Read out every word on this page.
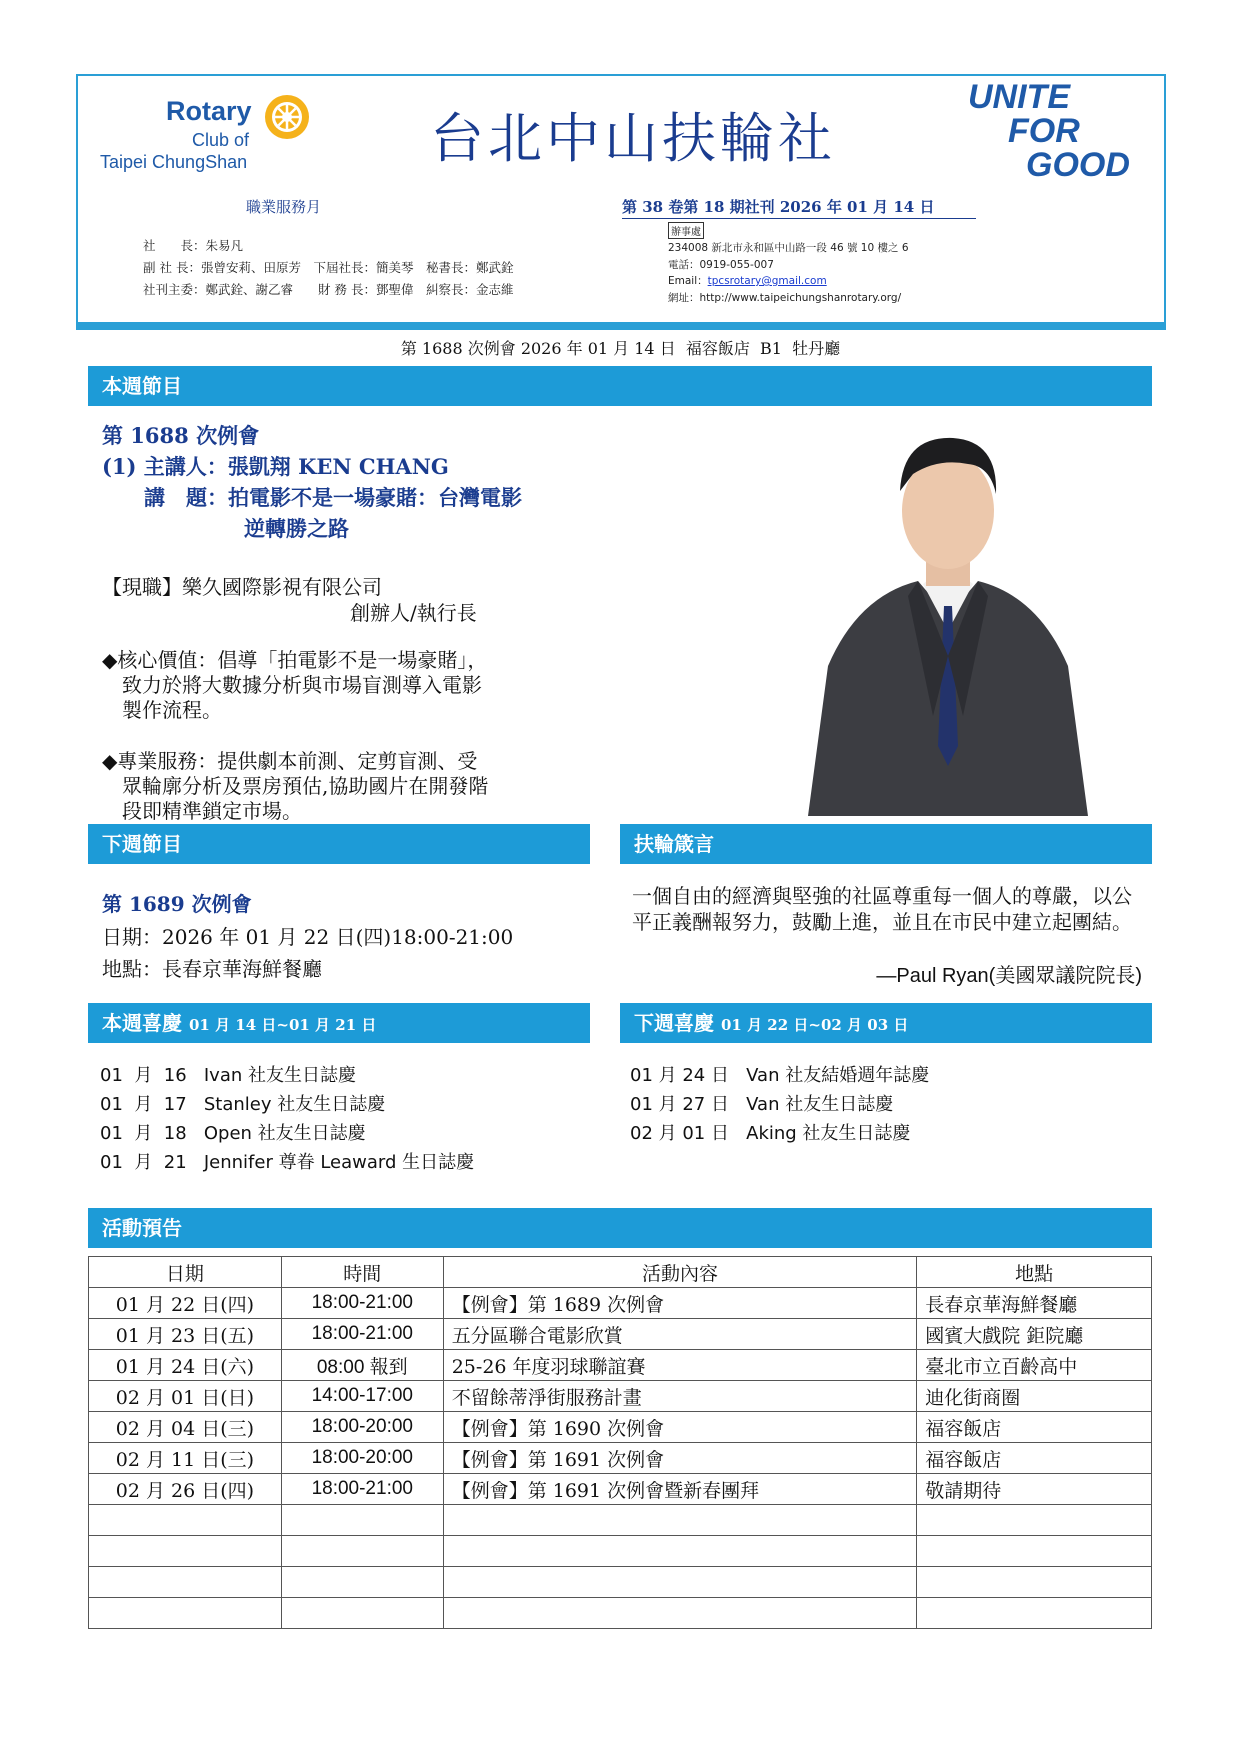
Rotary
Club of
Taipei ChungShan	台北中山扶輪社
UNITE
FOR
GOOD
職業服務月	第 38 卷第 18 期社刊 2026 年 01 月 14 日
社　　長：朱易凡
副 社 長：張曾安莉、田原芳　下屆社長：簡美琴　秘書長：鄭武銓
社刊主委：鄭武銓、謝乙睿　　財 務 長：鄧聖偉　糾察長：金志維
辦事處
234008 新北市永和區中山路一段 46 號 10 樓之 6
電話：0919-055-007
Email：tpcsrotary@gmail.com
網址：http://www.taipeichungshanrotary.org/
第 1688 次例會 2026 年 01 月 14 日  福容飯店  B1  牡丹廳
本週節目
第 1688 次例會
(1) 主講人：張凱翔 KEN CHANG
講　題：拍電影不是一場豪賭：台灣電影
逆轉勝之路
【現職】樂久國際影視有限公司
創辦人/執行長
◆核心價值：倡導「拍電影不是一場豪賭」，
致力於將大數據分析與市場盲測導入電影
製作流程。
◆專業服務：提供劇本前測、定剪盲測、受
眾輪廓分析及票房預估,協助國片在開發階
段即精準鎖定市場。
下週節目
第 1689 次例會
日期：2026 年 01 月 22 日(四)18:00-21:00
地點：長春京華海鮮餐廳
扶輪箴言
一個自由的經濟與堅強的社區尊重每一個人的尊嚴，以公平正義酬報努力，鼓勵上進，並且在市民中建立起團結。
—Paul Ryan(美國眾議院院長)
本週喜慶 01 月 14 日~01 月 21 日
01  月  16   Ivan 社友生日誌慶
01  月  17   Stanley 社友生日誌慶
01  月  18   Open 社友生日誌慶
01  月  21   Jennifer 尊眷 Leaward 生日誌慶
下週喜慶 01 月 22 日~02 月 03 日
01 月 24 日   Van 社友結婚週年誌慶
01 月 27 日   Van 社友生日誌慶
02 月 01 日   Aking 社友生日誌慶
活動預告
日期	時間	活動內容	地點
01 月 22 日(四)	18:00-21:00	【例會】第 1689 次例會	長春京華海鮮餐廳
01 月 23 日(五)	18:00-21:00	五分區聯合電影欣賞	國賓大戲院 鉅院廳
01 月 24 日(六)	08:00 報到	25-26 年度羽球聯誼賽	臺北市立百齡高中
02 月 01 日(日)	14:00-17:00	不留餘蒂淨街服務計畫	迪化街商圈
02 月 04 日(三)	18:00-20:00	【例會】第 1690 次例會	福容飯店
02 月 11 日(三)	18:00-20:00	【例會】第 1691 次例會	福容飯店
02 月 26 日(四)	18:00-21:00	【例會】第 1691 次例會暨新春團拜	敬請期待
